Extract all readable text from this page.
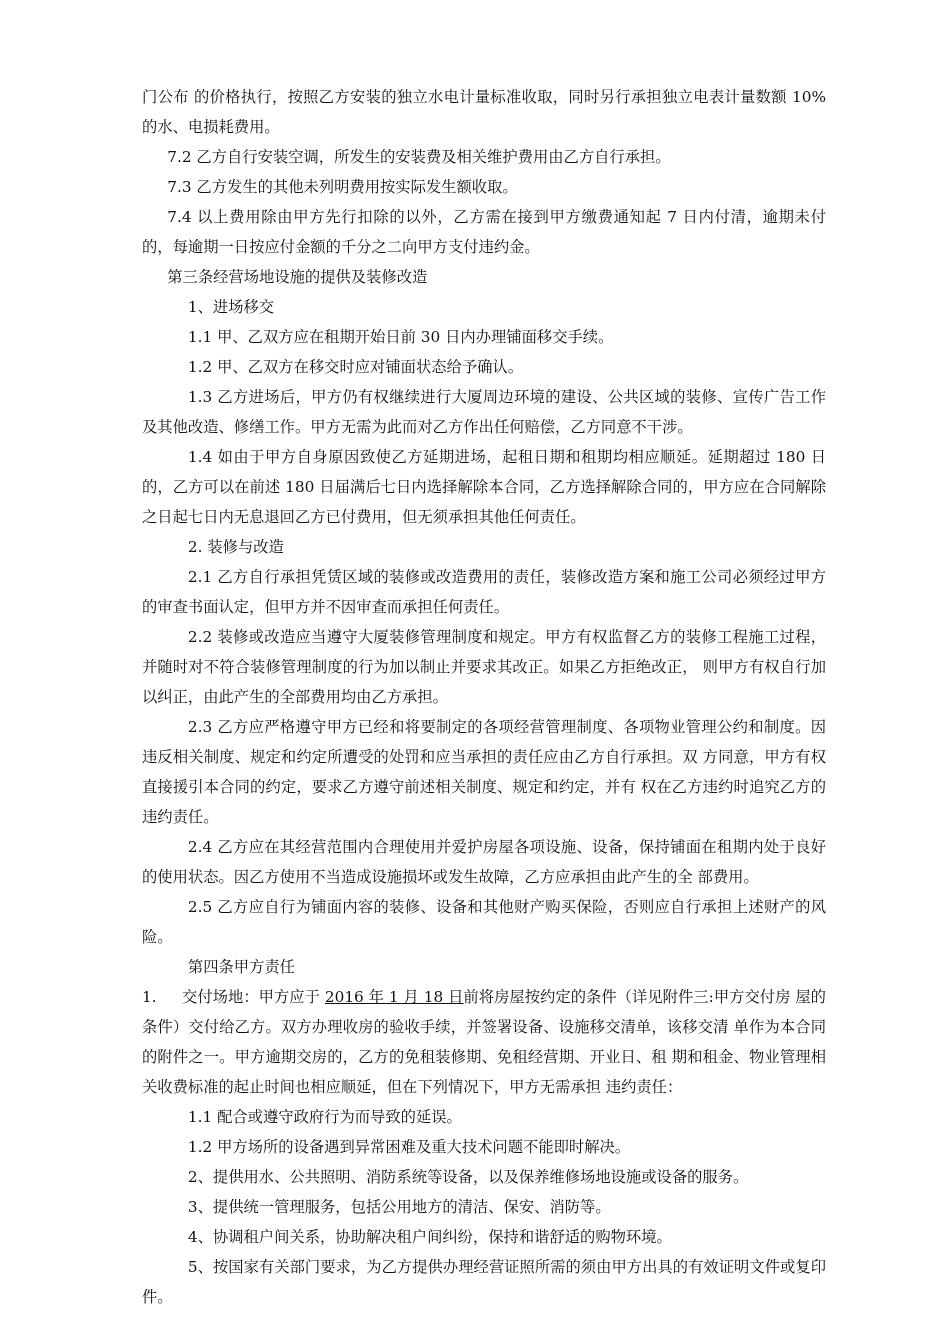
门公布 的价格执行，按照乙方安装的独立水电计量标准收取，同时另行承担独立电表计量数额 10%的水、电损耗费用。

7.2 乙方自行安装空调，所发生的安装费及相关维护费用由乙方自行承担。

7.3 乙方发生的其他未列明费用按实际发生额收取。

7.4 以上费用除由甲方先行扣除的以外，乙方需在接到甲方缴费通知起 7 日内付清，逾期未付的，每逾期一日按应付金额的千分之二向甲方支付违约金。

第三条经营场地设施的提供及装修改造

1、进场移交

1.1 甲、乙双方应在租期开始日前 30 日内办理铺面移交手续。

1.2 甲、乙双方在移交时应对铺面状态给予确认。

1.3 乙方进场后，甲方仍有权继续进行大厦周边环境的建设、公共区域的装修、宣传广告工作及其他改造、修缮工作。甲方无需为此而对乙方作出任何赔偿，乙方同意不干涉。

1.4 如由于甲方自身原因致使乙方延期进场，起租日期和租期均相应顺延。延期超过 180 日的，乙方可以在前述 180 日届满后七日内选择解除本合同，乙方选择解除合同的，甲方应在合同解除之日起七日内无息退回乙方已付费用，但无须承担其他任何责任。

2. 装修与改造

2.1 乙方自行承担凭赁区域的装修或改造费用的责任，装修改造方案和施工公司必须经过甲方的审查书面认定，但甲方并不因审查而承担任何责任。

2.2 装修或改造应当遵守大厦装修管理制度和规定。甲方有权监督乙方的装修工程施工过程，并随时对不符合装修管理制度的行为加以制止并要求其改正。如果乙方拒绝改正， 则甲方有权自行加以纠正，由此产生的全部费用均由乙方承担。

2.3 乙方应严格遵守甲方已经和将要制定的各项经营管理制度、各项物业管理公约和制度。因违反相关制度、规定和约定所遭受的处罚和应当承担的责任应由乙方自行承担。双 方同意，甲方有权直接援引本合同的约定，要求乙方遵守前述相关制度、规定和约定，并有 权在乙方违约时追究乙方的违约责任。

2.4 乙方应在其经营范围内合理使用并爱护房屋各项设施、设备，保持铺面在租期内处于良好的使用状态。因乙方使用不当造成设施损坏或发生故障，乙方应承担由此产生的全 部费用。

2.5 乙方应自行为铺面内容的装修、设备和其他财产购买保险，否则应自行承担上述财产的风险。

第四条甲方责任

1. 交付场地：甲方应于 2016 年 1 月 18 日前将房屋按约定的条件（详见附件三:甲方交付房 屋的条件）交付给乙方。双方办理收房的验收手续，并签署设备、设施移交清单，该移交清 单作为本合同的附件之一。甲方逾期交房的，乙方的免租装修期、免租经营期、开业日、租 期和租金、物业管理相关收费标准的起止时间也相应顺延，但在下列情况下，甲方无需承担 违约责任：

1.1 配合或遵守政府行为而导致的延误。

1.2 甲方场所的设备遇到异常困难及重大技术问题不能即时解决。

2、提供用水、公共照明、消防系统等设备，以及保养维修场地设施或设备的服务。

3、提供统一管理服务，包括公用地方的清洁、保安、消防等。

4、协调租户间关系，协助解决租户间纠纷，保持和谐舒适的购物环境。

5、按国家有关部门要求，为乙方提供办理经营证照所需的须由甲方出具的有效证明文件或复印件。
